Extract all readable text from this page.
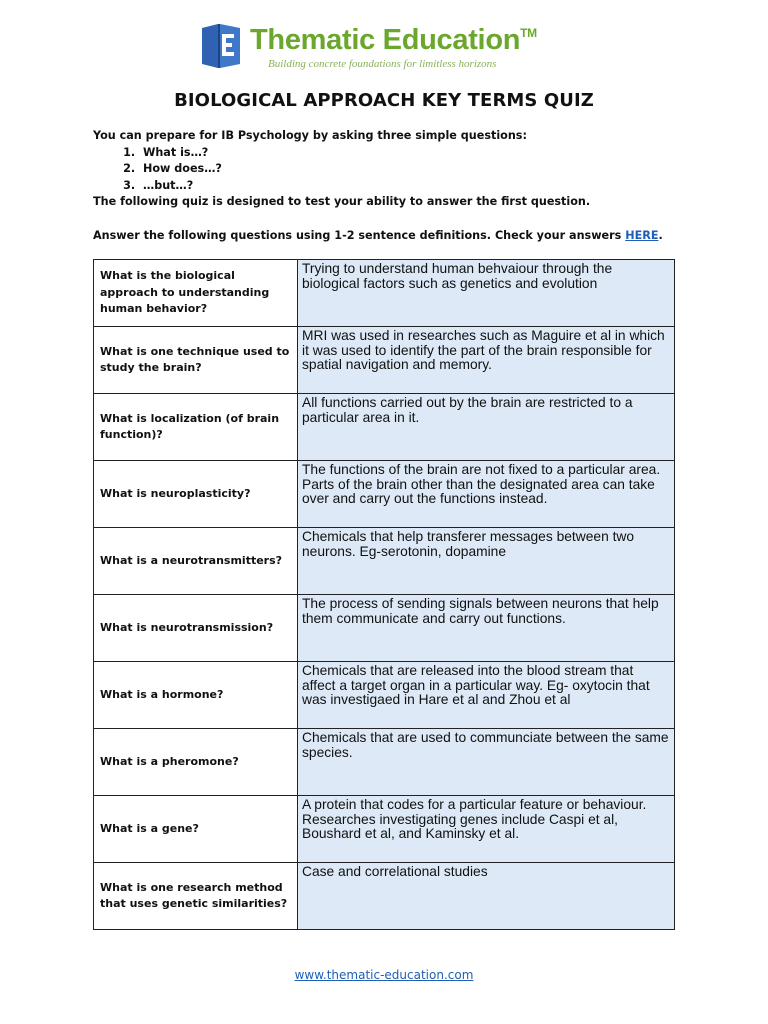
Thematic Education™
Building concrete foundations for limitless horizons
BIOLOGICAL APPROACH KEY TERMS QUIZ

You can prepare for IB Psychology by asking three simple questions:

1. What is…?
2. How does…?
3. …but…?

The following quiz is designed to test your ability to answer the first question.

Answer the following questions using 1-2 sentence definitions. Check your answers HERE.

What is the biological approach to understanding human behavior?	Trying to understand human behvaiour through the biological factors such as genetics and evolution
What is one technique used to study the brain?	MRI was used in researches such as Maguire et al in which it was used to identify the part of the brain responsible for spatial navigation and memory.
What is localization (of brain function)?	All functions carried out by the brain are restricted to a particular area in it.
What is neuroplasticity?	The functions of the brain are not fixed to a particular area. Parts of the brain other than the designated area can take over and carry out the functions instead.
What is a neurotransmitters?	Chemicals that help transferer messages between two neurons. Eg-serotonin, dopamine
What is neurotransmission?	The process of sending signals between neurons that help them communicate and carry out functions.
What is a hormone?	Chemicals that are released into the blood stream that affect a target organ in a particular way. Eg- oxytocin that was investigaed in Hare et al and Zhou et al
What is a pheromone?	Chemicals that are used to communciate between the same species.
What is a gene?	A protein that codes for a particular feature or behaviour. Researches investigating genes include Caspi et al, Boushard et al, and Kaminsky et al.
What is one research method that uses genetic similarities?	Case and correlational studies
www.thematic-education.com
